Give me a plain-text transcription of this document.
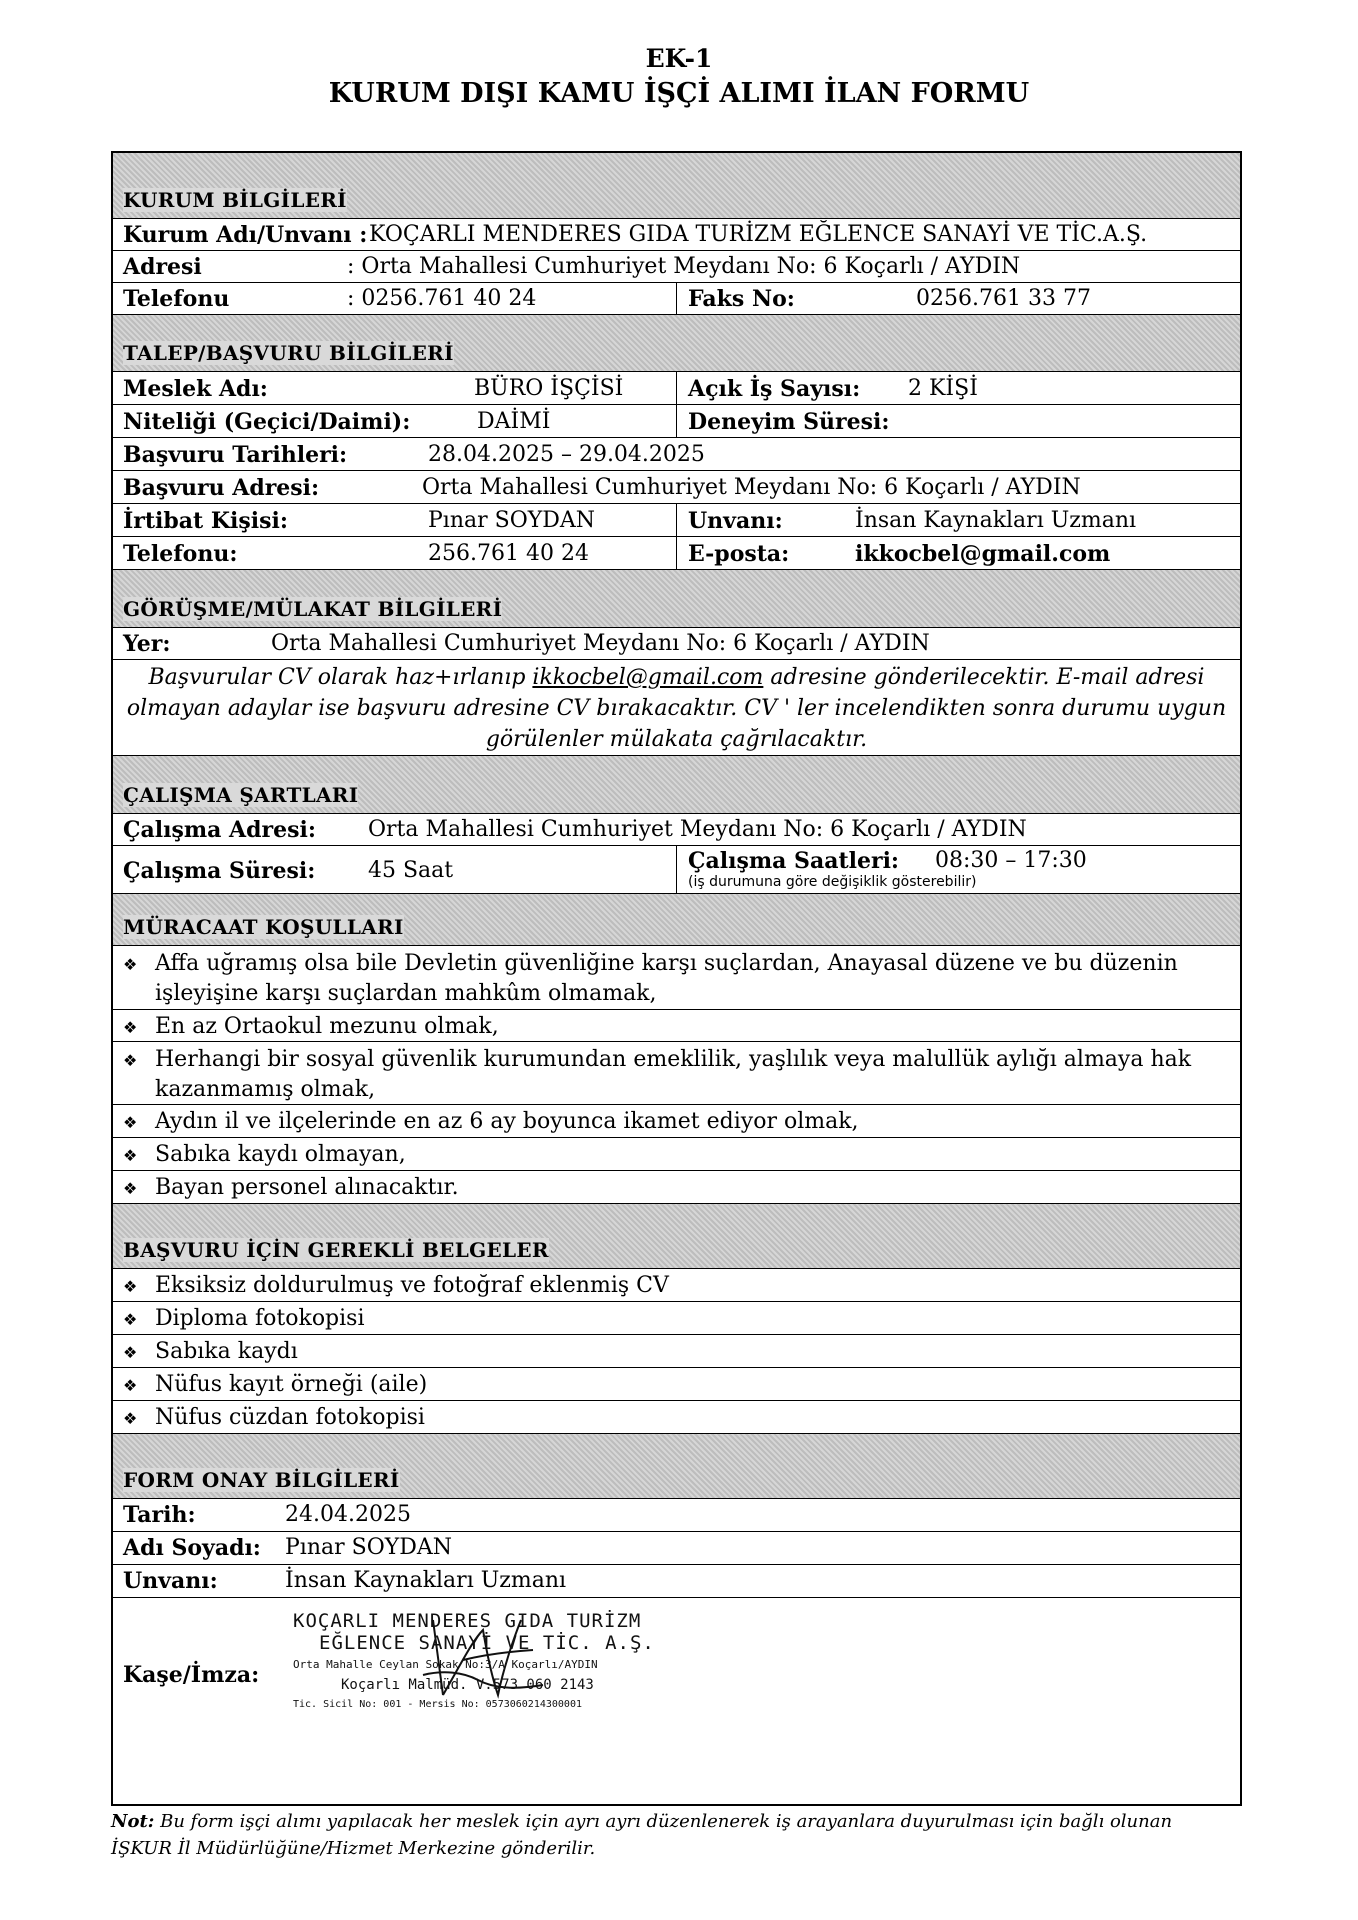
EK-1
KURUM DIŞI KAMU İŞÇİ ALIMI İLAN FORMU
KURUM BİLGİLERİ
Kurum Adı/Unvanı : KOÇARLI MENDERES GIDA TURİZM EĞLENCE SANAYİ VE TİC.A.Ş.
Adresi	: Orta Mahallesi Cumhuriyet Meydanı No: 6 Koçarlı / AYDIN
Telefonu	: 0256.761 40 24	Faks No:	0256.761 33 77
TALEP/BAŞVURU BİLGİLERİ
Meslek Adı:	BÜRO İŞÇİSİ	Açık İş Sayısı: 2 KİŞİ
Niteliği (Geçici/Daimi):	DAİMİ	Deneyim Süresi:
Başvuru Tarihleri:	28.04.2025 – 29.04.2025
Başvuru Adresi:	Orta Mahallesi Cumhuriyet Meydanı No: 6 Koçarlı / AYDIN
İrtibat Kişisi:	Pınar SOYDAN	Unvanı:	İnsan Kaynakları Uzmanı
Telefonu:	256.761 40 24	E-posta:	ikkocbel@gmail.com
GÖRÜŞME/MÜLAKAT BİLGİLERİ
Yer:	Orta Mahallesi Cumhuriyet Meydanı No: 6 Koçarlı / AYDIN
Başvurular CV olarak haz+ırlanıp ikkocbel@gmail.com adresine gönderilecektir. E-mail adresi
olmayan adaylar ise başvuru adresine CV bırakacaktır. CV ' ler incelendikten sonra durumu uygun
görülenler mülakata çağrılacaktır.
ÇALIŞMA ŞARTLARI
Çalışma Adresi: Orta Mahallesi Cumhuriyet Meydanı No: 6 Koçarlı / AYDIN
Çalışma Süresi: 45 Saat	Çalışma Saatleri: 08:30 – 17:30
(iş durumuna göre değişiklik gösterebilir)
MÜRACAAT KOŞULLARI
❖ Affa uğramış olsa bile Devletin güvenliğine karşı suçlardan, Anayasal düzene ve bu düzenin
işleyişine karşı suçlardan mahkûm olmamak,
❖ En az Ortaokul mezunu olmak,
❖ Herhangi bir sosyal güvenlik kurumundan emeklilik, yaşlılık veya malullük aylığı almaya hak
kazanmamış olmak,
❖ Aydın il ve ilçelerinde en az 6 ay boyunca ikamet ediyor olmak,
❖ Sabıka kaydı olmayan,
❖ Bayan personel alınacaktır.
BAŞVURU İÇİN GEREKLİ BELGELER
❖ Eksiksiz doldurulmuş ve fotoğraf eklenmiş CV
❖ Diploma fotokopisi
❖ Sabıka kaydı
❖ Nüfus kayıt örneği (aile)
❖ Nüfus cüzdan fotokopisi
FORM ONAY BİLGİLERİ
Tarih:	24.04.2025
Adı Soyadı: Pınar SOYDAN
Unvanı:	İnsan Kaynakları Uzmanı
Kaşe/İmza:
KOÇARLI MENDERES GIDA TURİZM
EĞLENCE SANAYİ VE TİC. A.Ş.
Orta Mahalle Ceylan Sokak No:3/A Koçarlı/AYDIN
Koçarlı Malmüd. V.573 060 2143
Tic. Sicil No: 001 - Mersis No: 0573060214300001
Not: Bu form işçi alımı yapılacak her meslek için ayrı ayrı düzenlenerek iş arayanlara duyurulması için bağlı olunan
İŞKUR İl Müdürlüğüne/Hizmet Merkezine gönderilir.
